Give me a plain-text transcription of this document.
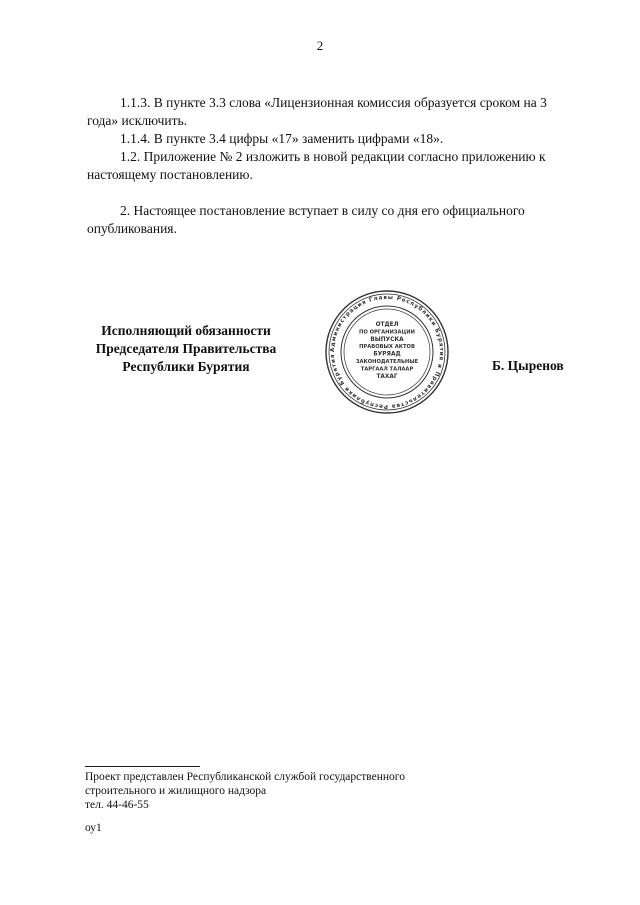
2

1.1.3. В пункте 3.3 слова «Лицензионная комиссия образуется сроком на 3 года» исключить.

1.1.4. В пункте 3.4 цифры «17» заменить цифрами «18».

1.2. Приложение № 2 изложить в новой редакции согласно приложению к настоящему постановлению.

2. Настоящее постановление вступает в силу со дня его официального опубликования.

Исполняющий обязанности
Председателя Правительства
Республики Бурятия
Администрация Главы Республики Бурятия и Правительства Республики Бурятия
ОТДЕЛ
ПО ОРГАНИЗАЦИИ
ВЫПУСКА
ПРАВОВЫХ АКТОВ
БУРЯАД
ЗАКОНОДАТЕЛЬНЫЕ
ТАРГААЛ ТАЛААР
ТАХАГ
Б. Цыренов
Проект представлен Республиканской службой государственного
строительного и жилищного надзора
тел. 44-46-55
оу1
